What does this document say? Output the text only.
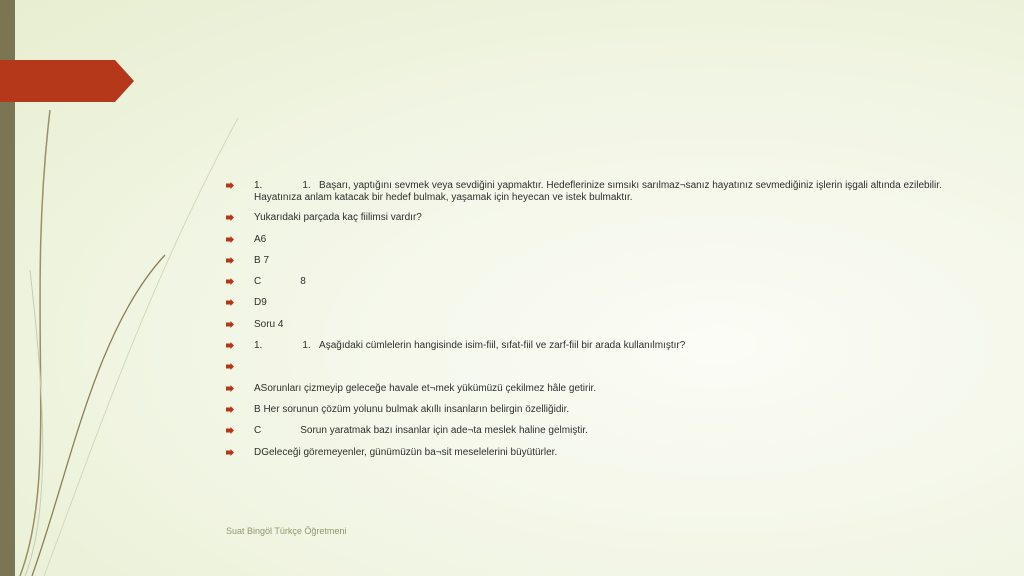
1.	1. Başarı, yaptığını sevmek veya sevdiğini yapmaktır. Hedeflerinize sımsıkı sarılmaz¬sanız hayatınız sevmediğiniz işlerin işgali altında ezilebilir. Hayatınıza anlam katacak bir hedef bulmak, yaşamak için heyecan ve istek bulmaktır.
Yukarıdaki parçada kaç fiilimsi vardır?
A6
B 7
C	8
D9
Soru 4
1.	1. Aşağıdaki cümlelerin hangisinde isim-fiil, sıfat-fiil ve zarf-fiil bir arada kullanılmıştır?
ASorunları çizmeyip geleceğe havale et¬mek yükümüzü çekilmez hâle getirir.
B Her sorunun çözüm yolunu bulmak akıllı insanların belirgin özelliğidir.
C	Sorun yaratmak bazı insanlar için ade¬ta meslek haline gelmiştir.
DGeleceği göremeyenler, günümüzün ba¬sit meselelerini büyütürler.
Suat Bingöl Türkçe Öğretmeni
